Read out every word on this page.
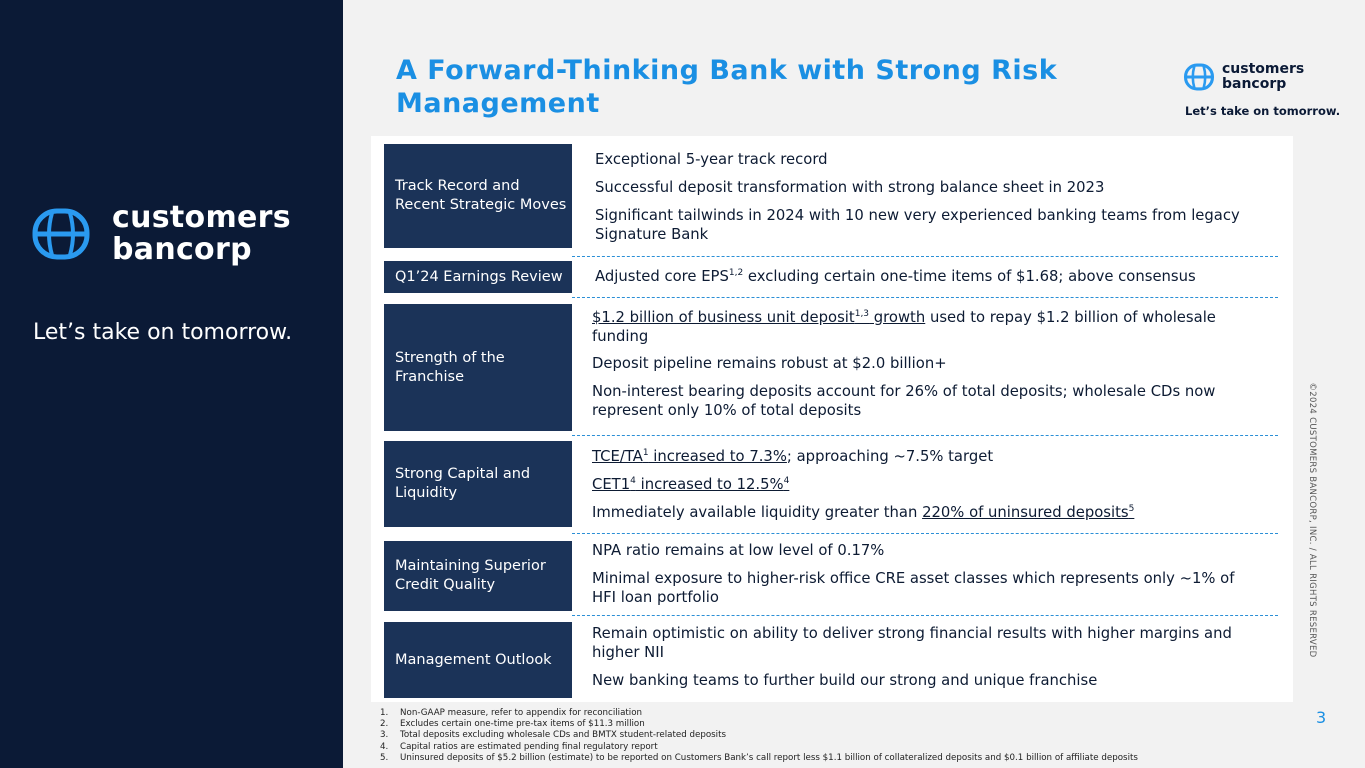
customers
bancorp
Let’s take on tomorrow.
A Forward-Thinking Bank with Strong Risk Management
customers
bancorp
Let’s take on tomorrow.
Track Record and Recent Strategic Moves
Exceptional 5-year track record
Successful deposit transformation with strong balance sheet in 2023
Significant tailwinds in 2024 with 10 new very experienced banking teams from legacy Signature Bank
Q1’24 Earnings Review Adjusted core EPS$^{1,2}$ excluding certain one-time items of $1.68; above consensus
Strength of the Franchise
$1.2 billion of business unit deposit$^{1,3}$ growth used to repay $1.2 billion of wholesale funding
Deposit pipeline remains robust at $2.0 billion+
Non-interest bearing deposits account for 26% of total deposits; wholesale CDs now represent only 10% of total deposits
Strong Capital and Liquidity
TCE/$TA^1$ increased to 7.3%; approaching ~7.5% target
$CET1^4$ increased to 12.5%$^4$
Immediately available liquidity greater than 220% of uninsured deposits$^5$
Maintaining Superior Credit Quality
NPA ratio remains at low level of 0.17%
Minimal exposure to higher-risk office CRE asset classes which represents only ~1% of HFI loan portfolio
Management Outlook
Remain optimistic on ability to deliver strong financial results with higher margins and higher NII
New banking teams to further build our strong and unique franchise
1. Non-GAAP measure, refer to appendix for reconciliation
2. Excludes certain one-time pre-tax items of $11.3 million
3. Total deposits excluding wholesale CDs and BMTX student-related deposits
4. Capital ratios are estimated pending final regulatory report
5. Uninsured deposits of $5.2 billion (estimate) to be reported on Customers Bank’s call report less $1.1 billion of collateralized deposits and $0.1 billion of affiliate deposits
3
©2024 CUSTOMERS BANCORP, INC. / ALL RIGHTS RESERVED
